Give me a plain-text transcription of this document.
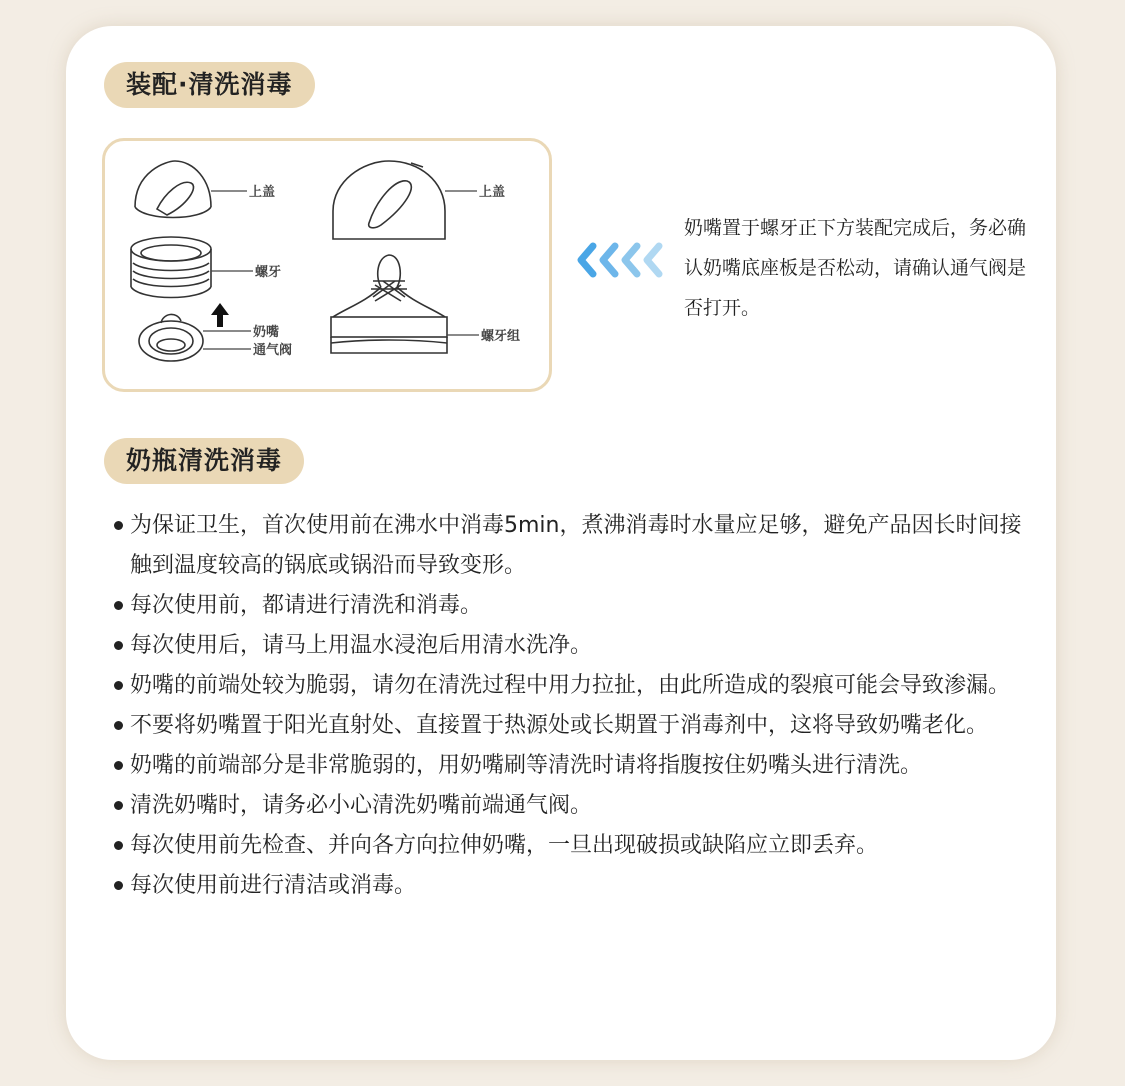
装配·清洗消毒
上盖
螺牙
奶嘴
通气阀
上盖
螺牙组
奶嘴置于螺牙正下方装配完成后，务必确认奶嘴底座板是否松动，请确认通气阀是否打开。
奶瓶清洗消毒
为保证卫生，首次使用前在沸水中消毒5min，煮沸消毒时水量应足够，避免产品因长时间接触到温度较高的锅底或锅沿而导致变形。
每次使用前，都请进行清洗和消毒。
每次使用后，请马上用温水浸泡后用清水洗净。
奶嘴的前端处较为脆弱，请勿在清洗过程中用力拉扯，由此所造成的裂痕可能会导致渗漏。
不要将奶嘴置于阳光直射处、直接置于热源处或长期置于消毒剂中，这将导致奶嘴老化。
奶嘴的前端部分是非常脆弱的，用奶嘴刷等清洗时请将指腹按住奶嘴头进行清洗。
清洗奶嘴时，请务必小心清洗奶嘴前端通气阀。
每次使用前先检查、并向各方向拉伸奶嘴，一旦出现破损或缺陷应立即丢弃。
每次使用前进行清洁或消毒。
